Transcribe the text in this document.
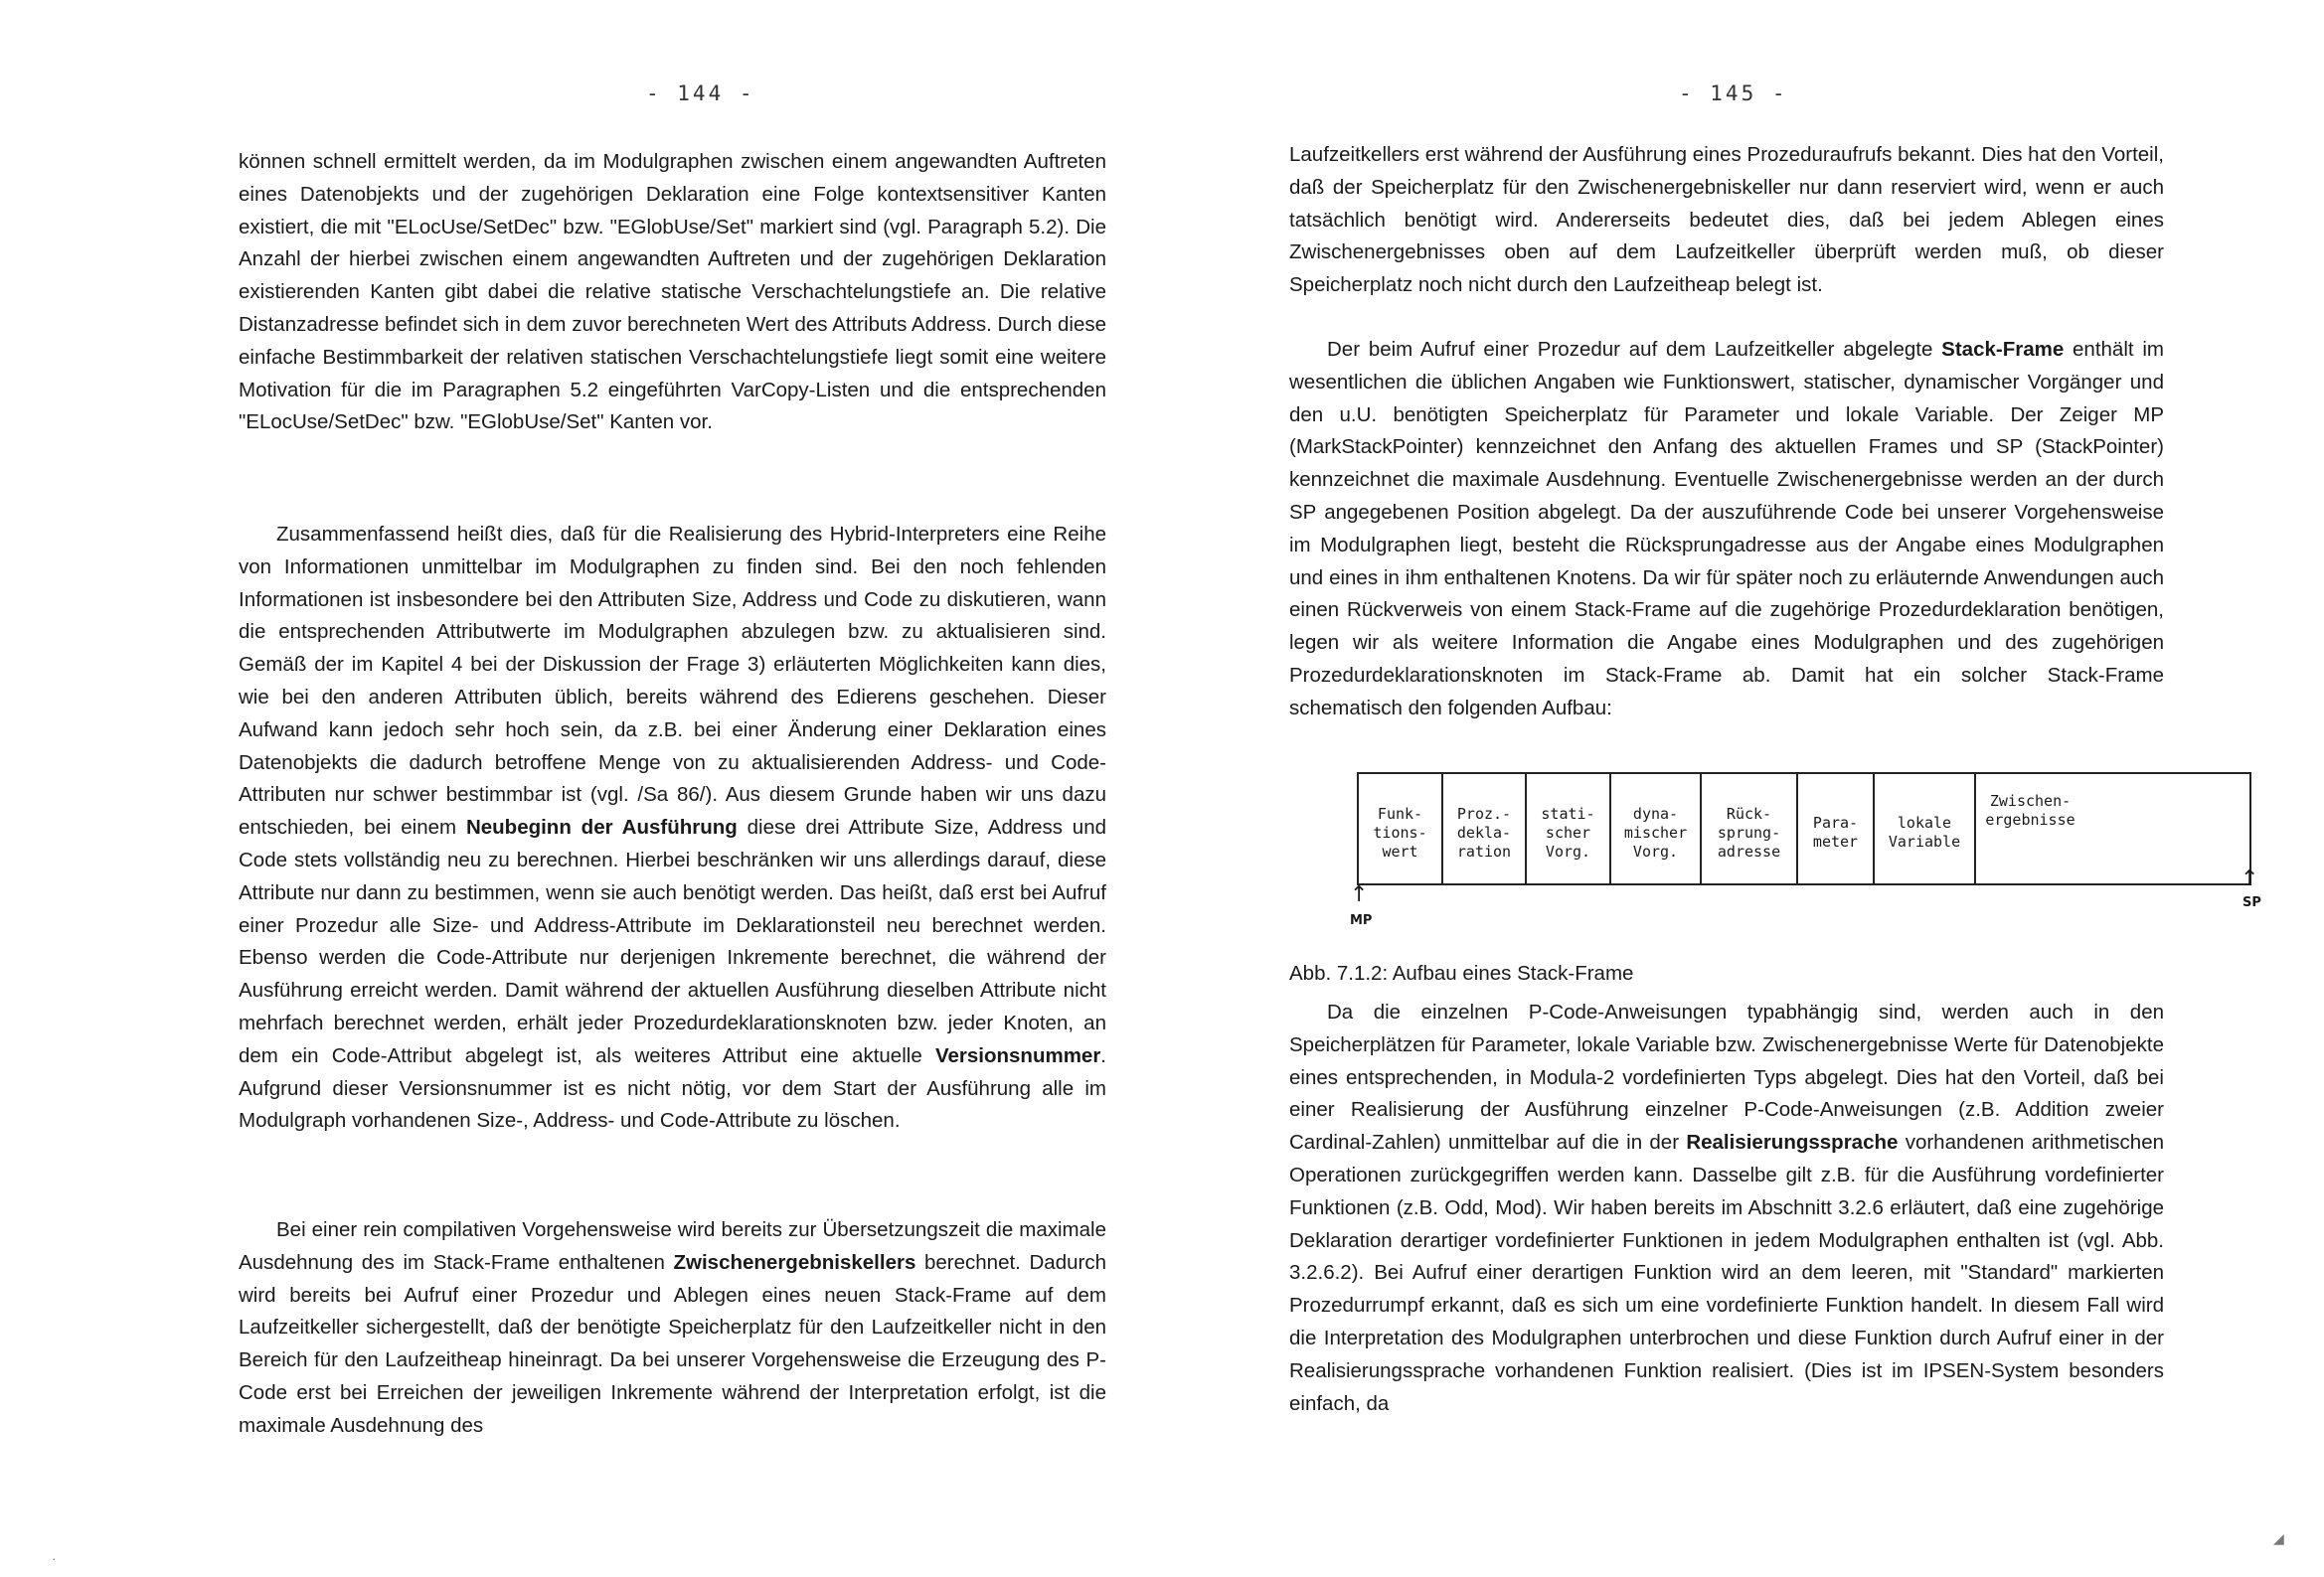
- 144 -

können schnell ermittelt werden, da im Modulgraphen zwischen einem angewandten Auftreten eines Datenobjekts und der zugehörigen Deklaration eine Folge kontextsensitiver Kanten existiert, die mit "ELocUse/SetDec" bzw. "EGlobUse/Set" markiert sind (vgl. Paragraph 5.2). Die Anzahl der hierbei zwischen einem angewandten Auftreten und der zugehörigen Deklaration existierenden Kanten gibt dabei die relative statische Verschachtelungstiefe an. Die relative Distanzadresse befindet sich in dem zuvor berechneten Wert des Attributs Address. Durch diese einfache Bestimmbarkeit der relativen statischen Verschachtelungstiefe liegt somit eine weitere Motivation für die im Paragraphen 5.2 eingeführten VarCopy-Listen und die entsprechenden "ELocUse/SetDec" bzw. "EGlobUse/Set" Kanten vor.

Zusammenfassend heißt dies, daß für die Realisierung des Hybrid-Interpreters eine Reihe von Informationen unmittelbar im Modulgraphen zu finden sind. Bei den noch fehlenden Informationen ist insbesondere bei den Attributen Size, Address und Code zu diskutieren, wann die entsprechenden Attributwerte im Modulgraphen abzulegen bzw. zu aktualisieren sind. Gemäß der im Kapitel 4 bei der Diskussion der Frage 3) erläuterten Möglichkeiten kann dies, wie bei den anderen Attributen üblich, bereits während des Edierens geschehen. Dieser Aufwand kann jedoch sehr hoch sein, da z.B. bei einer Änderung einer Deklaration eines Datenobjekts die dadurch betroffene Menge von zu aktualisierenden Address- und Code-Attributen nur schwer bestimmbar ist (vgl. /Sa 86/). Aus diesem Grunde haben wir uns dazu entschieden, bei einem Neubeginn der Ausführung diese drei Attribute Size, Address und Code stets vollständig neu zu berechnen. Hierbei beschränken wir uns allerdings darauf, diese Attribute nur dann zu bestimmen, wenn sie auch benötigt werden. Das heißt, daß erst bei Aufruf einer Prozedur alle Size- und Address-Attribute im Deklarationsteil neu berechnet werden. Ebenso werden die Code-Attribute nur derjenigen Inkremente berechnet, die während der Ausführung erreicht werden. Damit während der aktuellen Ausführung dieselben Attribute nicht mehrfach berechnet werden, erhält jeder Prozedurdeklarationsknoten bzw. jeder Knoten, an dem ein Code-Attribut abgelegt ist, als weiteres Attribut eine aktuelle Versionsnummer. Aufgrund dieser Versionsnummer ist es nicht nötig, vor dem Start der Ausführung alle im Modulgraph vorhandenen Size-, Address- und Code-Attribute zu löschen.

Bei einer rein compilativen Vorgehensweise wird bereits zur Übersetzungszeit die maximale Ausdehnung des im Stack-Frame enthaltenen Zwischenergebniskellers berechnet. Dadurch wird bereits bei Aufruf einer Prozedur und Ablegen eines neuen Stack-Frame auf dem Laufzeitkeller sichergestellt, daß der benötigte Speicherplatz für den Laufzeitkeller nicht in den Bereich für den Laufzeitheap hineinragt. Da bei unserer Vorgehensweise die Erzeugung des P-Code erst bei Erreichen der jeweiligen Inkremente während der Interpretation erfolgt, ist die maximale Ausdehnung des

·
- 145 -

Laufzeitkellers erst während der Ausführung eines Prozeduraufrufs bekannt. Dies hat den Vorteil, daß der Speicherplatz für den Zwischenergebniskeller nur dann reserviert wird, wenn er auch tatsächlich benötigt wird. Andererseits bedeutet dies, daß bei jedem Ablegen eines Zwischenergebnisses oben auf dem Laufzeitkeller überprüft werden muß, ob dieser Speicherplatz noch nicht durch den Laufzeitheap belegt ist.

Der beim Aufruf einer Prozedur auf dem Laufzeitkeller abgelegte Stack-Frame enthält im wesentlichen die üblichen Angaben wie Funktionswert, statischer, dynamischer Vorgänger und den u.U. benötigten Speicherplatz für Parameter und lokale Variable. Der Zeiger MP (MarkStackPointer) kennzeichnet den Anfang des aktuellen Frames und SP (StackPointer) kennzeichnet die maximale Ausdehnung. Eventuelle Zwischenergebnisse werden an der durch SP angegebenen Position abgelegt. Da der auszuführende Code bei unserer Vorgehensweise im Modulgraphen liegt, besteht die Rücksprungadresse aus der Angabe eines Modulgraphen und eines in ihm enthaltenen Knotens. Da wir für später noch zu erläuternde Anwendungen auch einen Rückverweis von einem Stack-Frame auf die zugehörige Prozedurdeklaration benötigen, legen wir als weitere Information die Angabe eines Modulgraphen und des zugehörigen Prozedurdeklarationsknoten im Stack-Frame ab. Damit hat ein solcher Stack-Frame schematisch den folgenden Aufbau:

Funk-
tions-
wert
Proz.-
dekla-
ration
stati-
scher
Vorg.
dyna-
mischer
Vorg.
Rück-
sprung-
adresse
Para-
meter
lokale
Variable
Zwischen-
ergebnisse
↑
MP
↑
SP
Abb. 7.1.2: Aufbau eines Stack-Frame

Da die einzelnen P-Code-Anweisungen typabhängig sind, werden auch in den Speicherplätzen für Parameter, lokale Variable bzw. Zwischenergebnisse Werte für Datenobjekte eines entsprechenden, in Modula-2 vordefinierten Typs abgelegt. Dies hat den Vorteil, daß bei einer Realisierung der Ausführung einzelner P-Code-Anweisungen (z.B. Addition zweier Cardinal-Zahlen) unmittelbar auf die in der Realisierungssprache vorhandenen arithmetischen Operationen zurückgegriffen werden kann. Dasselbe gilt z.B. für die Ausführung vordefinierter Funktionen (z.B. Odd, Mod). Wir haben bereits im Abschnitt 3.2.6 erläutert, daß eine zugehörige Deklaration derartiger vordefinierter Funktionen in jedem Modulgraphen enthalten ist (vgl. Abb. 3.2.6.2). Bei Aufruf einer derartigen Funktion wird an dem leeren, mit "Standard" markierten Prozedurrumpf erkannt, daß es sich um eine vordefinierte Funktion handelt. In diesem Fall wird die Interpretation des Modulgraphen unterbrochen und diese Funktion durch Aufruf einer in der Realisierungssprache vorhandenen Funktion realisiert. (Dies ist im IPSEN-System besonders einfach, da

◢
